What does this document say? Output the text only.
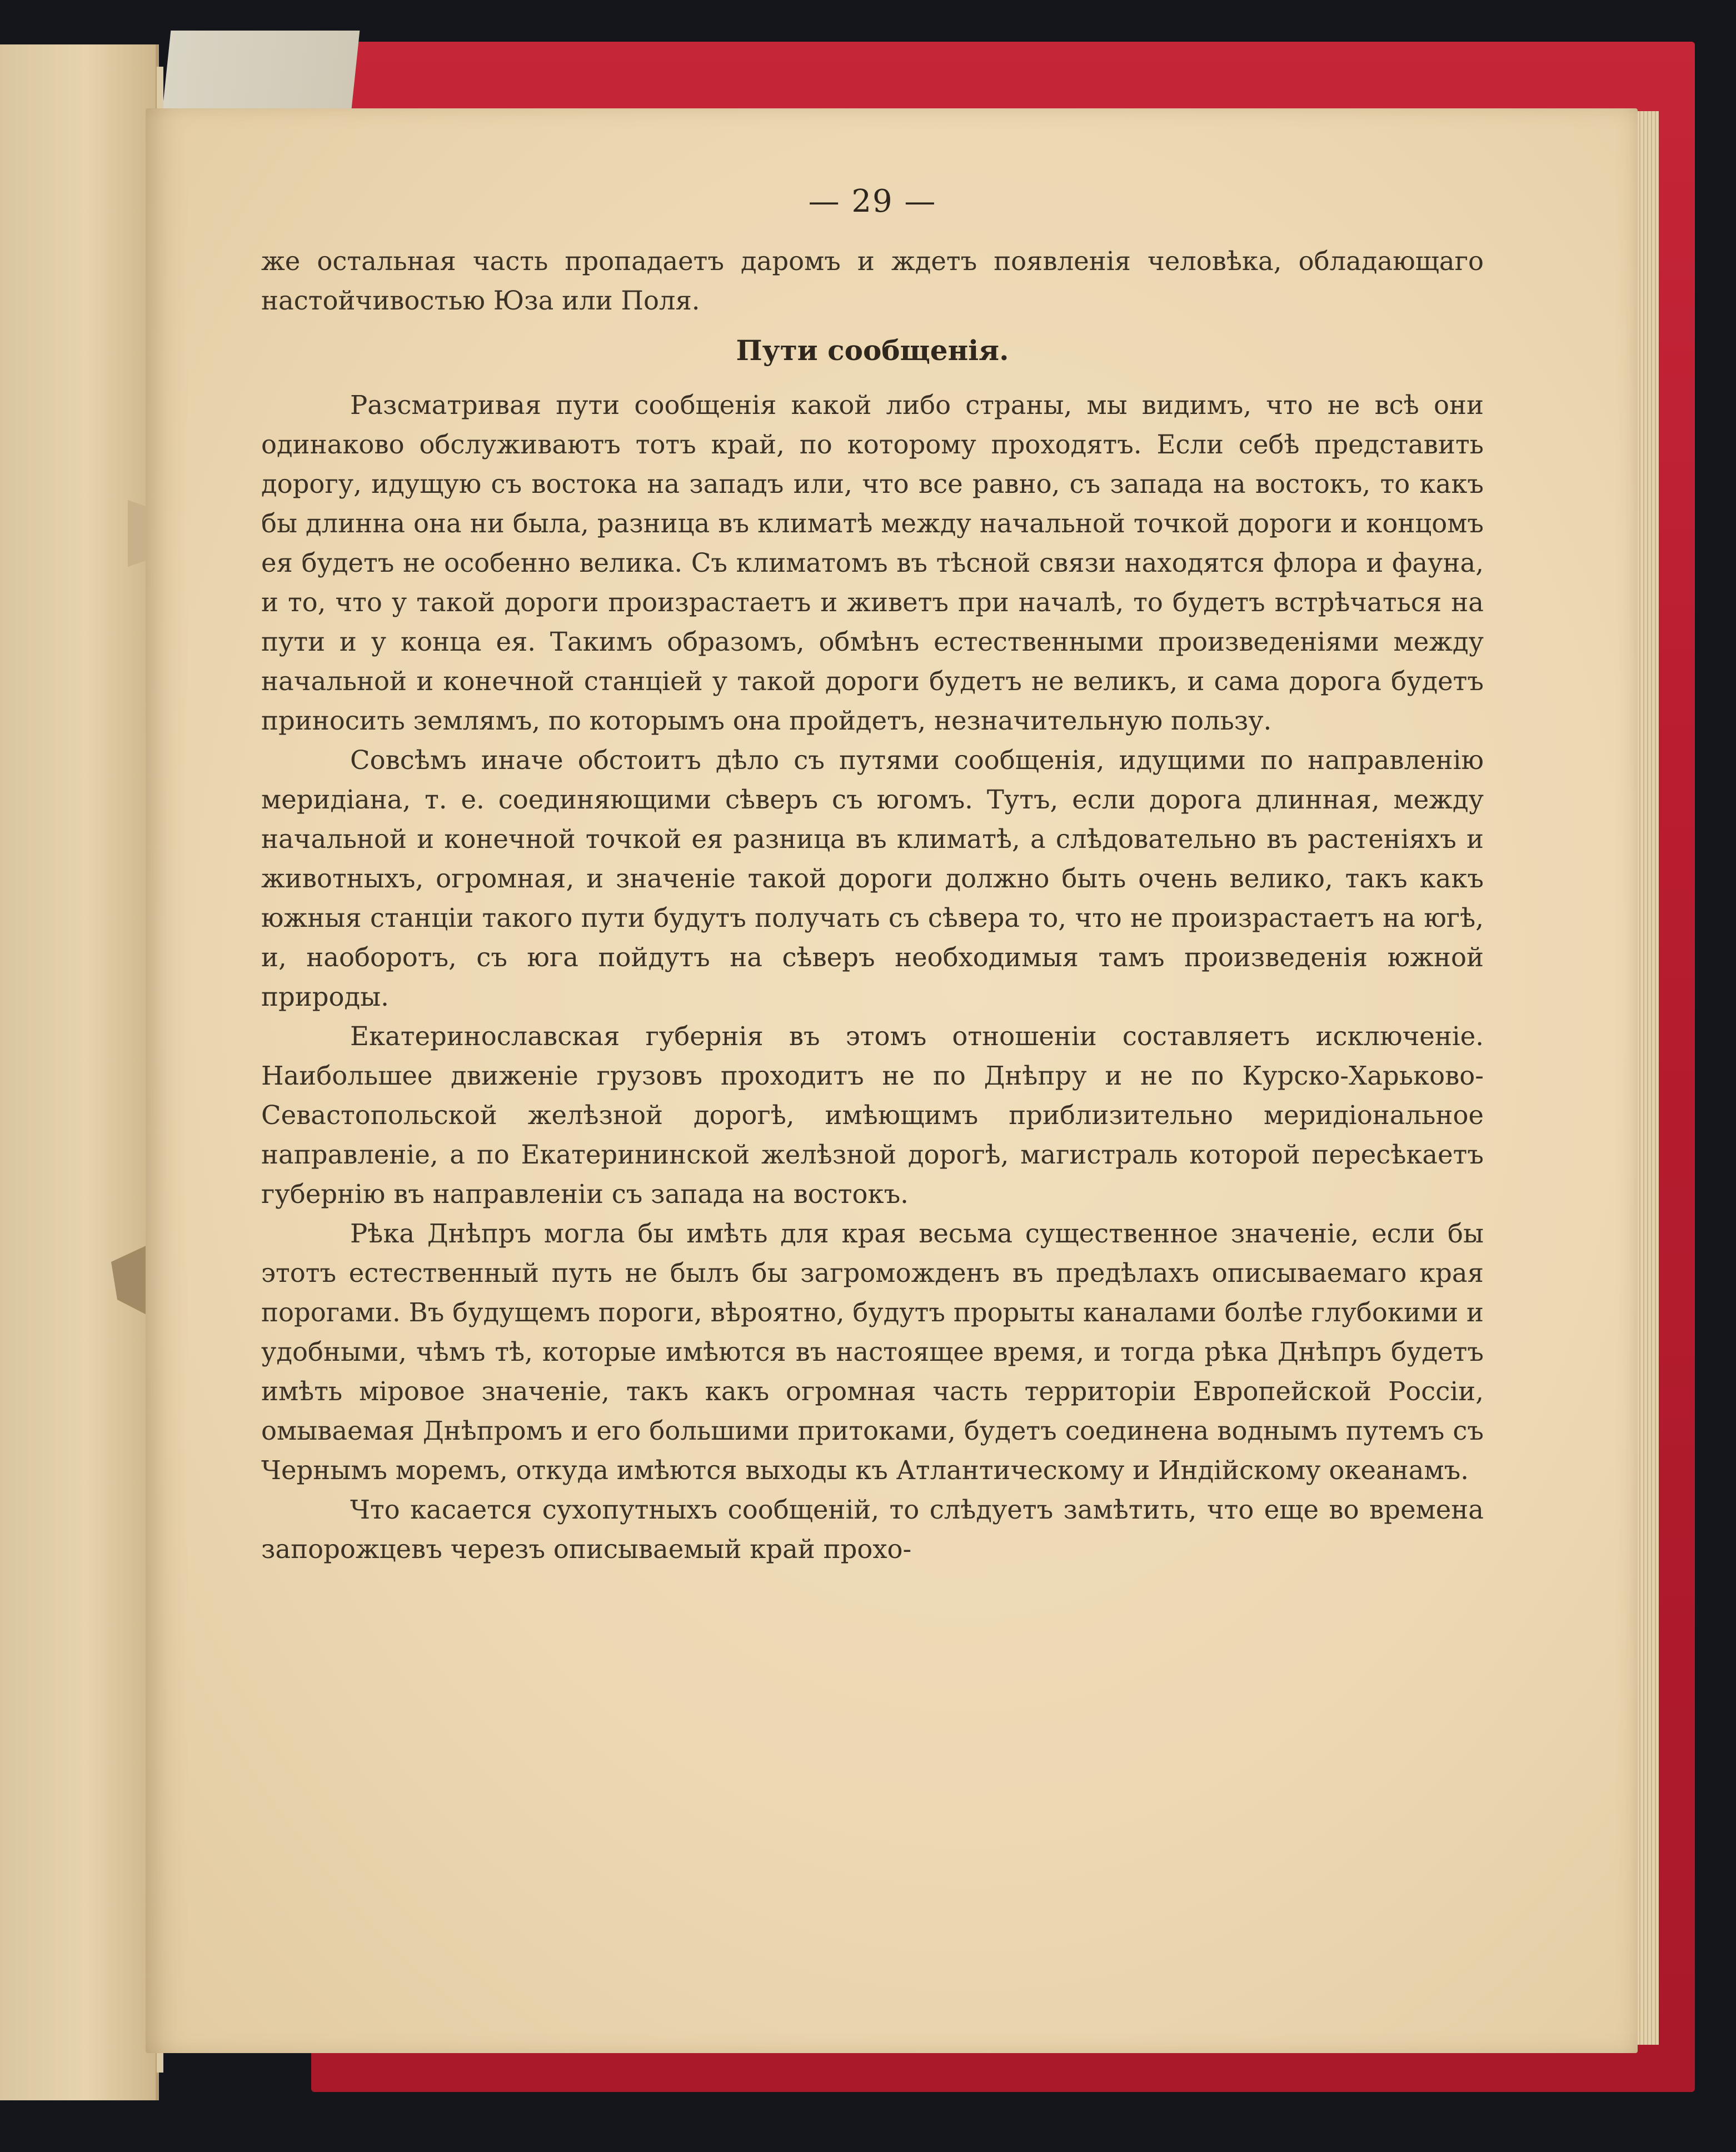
— 29 —

же остальная часть пропадаетъ даромъ и ждетъ появленія человѣка, обладающаго настойчивостью Юза или Поля.

Пути сообщенія.

Разсматривая пути сообщенія какой либо страны, мы видимъ, что не всѣ они одинаково обслуживаютъ тотъ край, по которому проходятъ. Если себѣ представить дорогу, идущую съ востока на западъ или, что все равно, съ запада на востокъ, то какъ бы длинна она ни была, разница въ климатѣ между начальной точкой дороги и концомъ ея будетъ не особенно велика. Съ климатомъ въ тѣсной связи находятся флора и фауна, и то, что у такой дороги произрастаетъ и живетъ при началѣ, то будетъ встрѣчаться на пути и у конца ея. Такимъ образомъ, обмѣнъ естественными произведеніями между начальной и конечной станціей у такой дороги будетъ не великъ, и сама дорога будетъ приносить землямъ, по которымъ она пройдетъ, незначительную пользу.

Совсѣмъ иначе обстоитъ дѣло съ путями сообщенія, идущими по направленію меридіана, т. е. соединяющими сѣверъ съ югомъ. Тутъ, если дорога длинная, между начальной и конечной точкой ея разница въ климатѣ, а слѣдовательно въ растеніяхъ и животныхъ, огромная, и значеніе такой дороги должно быть очень велико, такъ какъ южныя станціи такого пути будутъ получать съ сѣвера то, что не произрастаетъ на югѣ, и, наоборотъ, съ юга пойдутъ на сѣверъ необходимыя тамъ произведенія южной природы.

Екатеринославская губернія въ этомъ отношеніи составляетъ исключеніе. Наибольшее движеніе грузовъ проходитъ не по Днѣпру и не по Курско-Харьково-Севастопольской желѣзной дорогѣ, имѣющимъ приблизительно меридіональное направленіе, а по Екатерининской желѣзной дорогѣ, магистраль которой пересѣкаетъ губернію въ направленіи съ запада на востокъ.

Рѣка Днѣпръ могла бы имѣть для края весьма существенное значеніе, если бы этотъ естественный путь не былъ бы загроможденъ въ предѣлахъ описываемаго края порогами. Въ будущемъ пороги, вѣроятно, будутъ прорыты каналами болѣе глубокими и удобными, чѣмъ тѣ, которые имѣются въ настоящее время, и тогда рѣка Днѣпръ будетъ имѣть міровое значеніе, такъ какъ огромная часть территоріи Европейской Россіи, омываемая Днѣпромъ и его большими притоками, будетъ соединена воднымъ путемъ съ Чернымъ моремъ, откуда имѣются выходы къ Атлантическому и Индійскому океанамъ.

Что касается сухопутныхъ сообщеній, то слѣдуетъ замѣтить, что еще во времена запорожцевъ черезъ описываемый край прохо-
